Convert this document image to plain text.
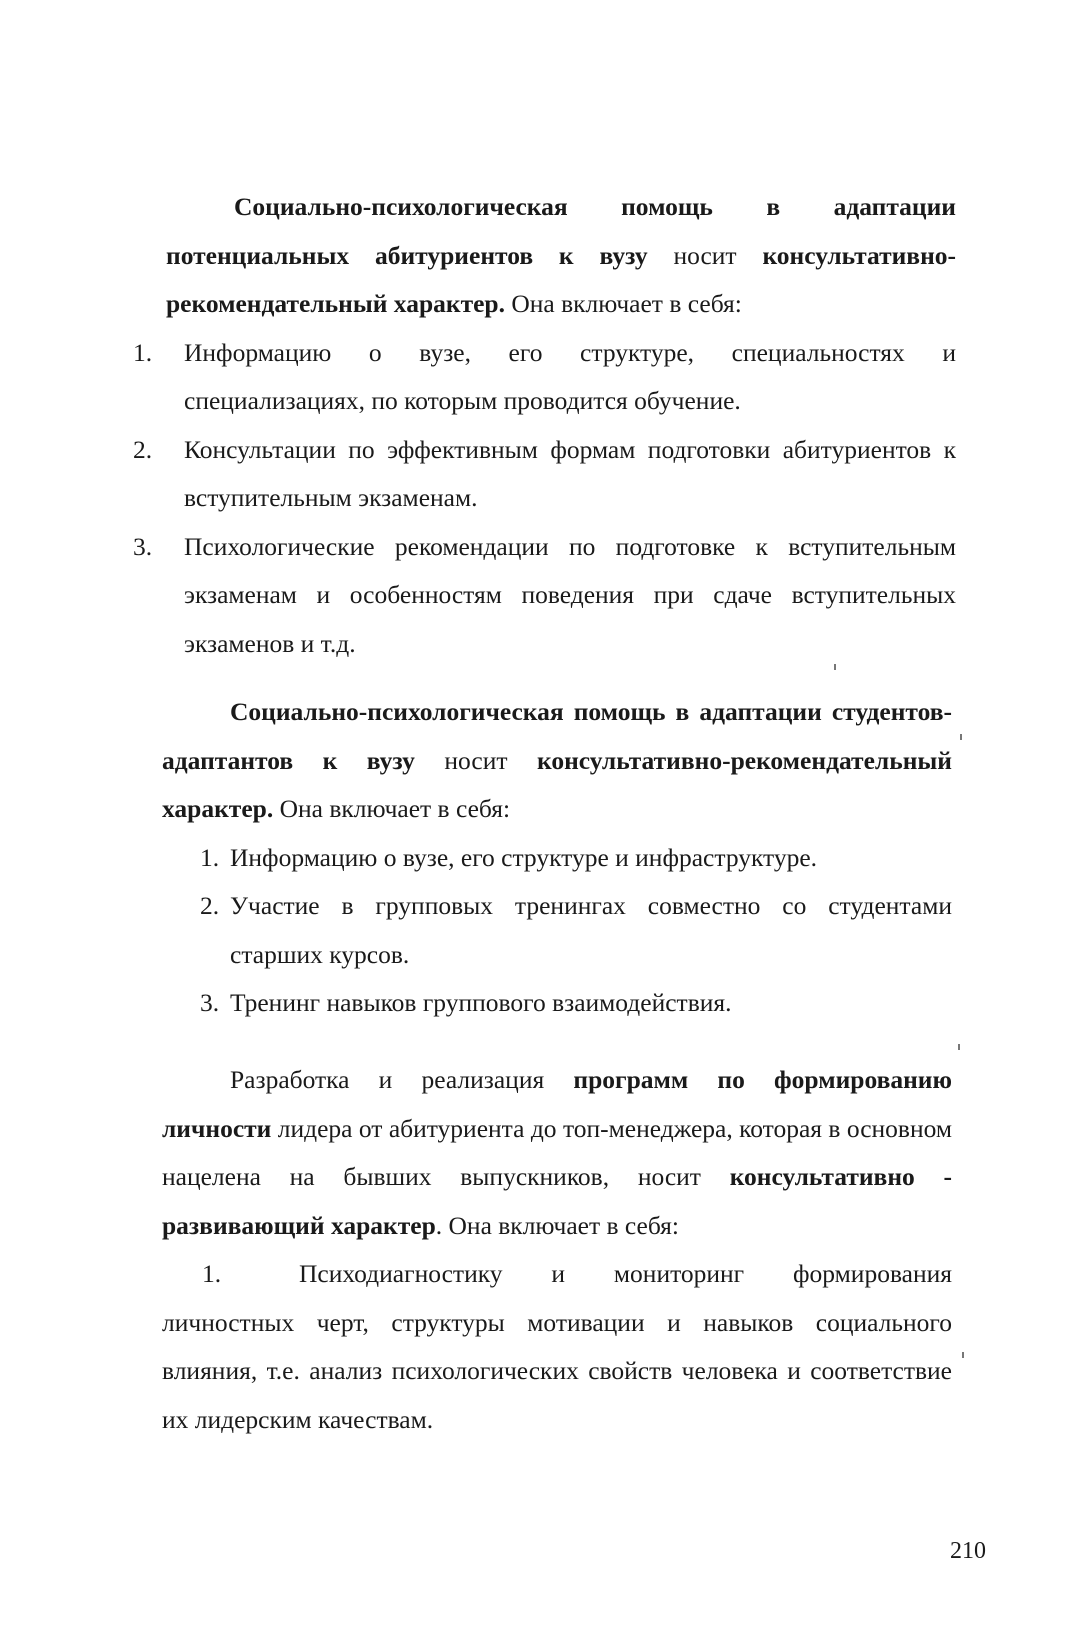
Социально-психологическая помощь в адаптации потенциальных абитуриентов к вузу носит консультативно-рекомендательный характер. Она включает в себя:

1. Информацию о вузе, его структуре, специальностях и специализациях, по которым проводится обучение.
2. Консультации по эффективным формам подготовки абитуриентов к вступительным экзаменам.
3. Психологические рекомендации по подготовке к вступительным экзаменам и особенностям поведения при сдаче вступительных экзаменов и т.д.

Социально-психологическая помощь в адаптации студентов-адаптантов к вузу носит консультативно-рекомендательный характер. Она включает в себя:

1. Информацию о вузе, его структуре и инфраструктуре.
2. Участие в групповых тренингах совместно со студентами старших курсов.
3. Тренинг навыков группового взаимодействия.

Разработка и реализация программ по формированию личности лидера от абитуриента до топ-менеджера, которая в основном нацелена на бывших выпускников, носит консультативно - развивающий характер. Она включает в себя:

1.	Психодиагностику и мониторинг формирования личностных черт, структуры мотивации и навыков социального влияния, т.е. анализ психологических свойств человека и соответствие их лидерским качествам.

210
